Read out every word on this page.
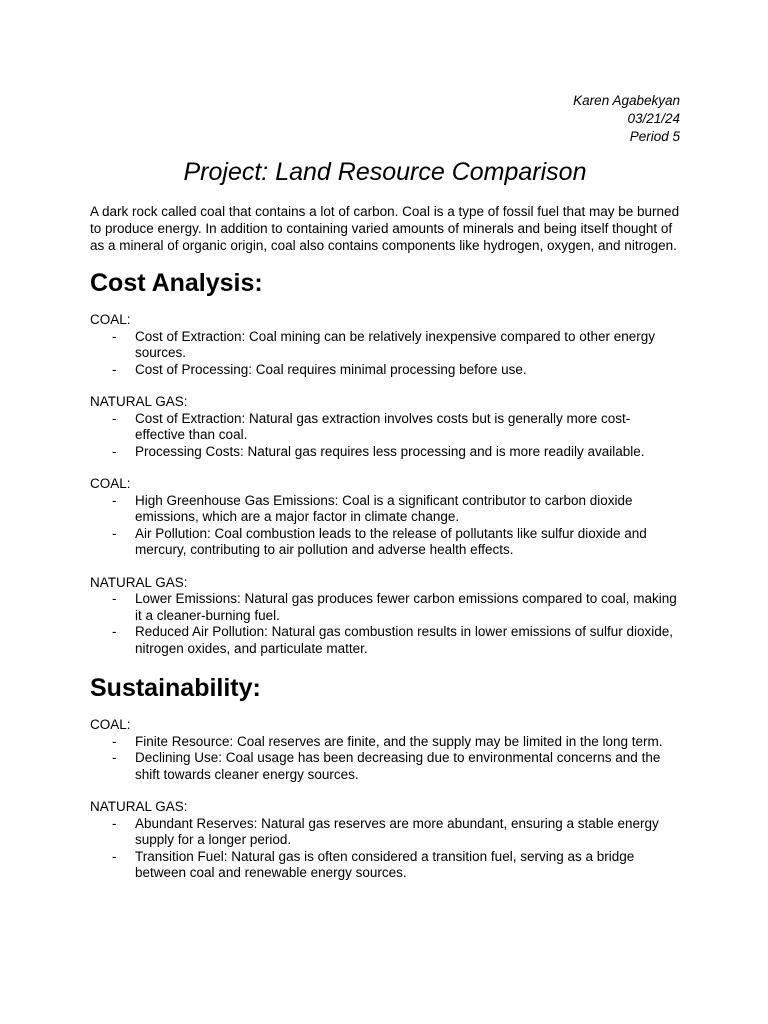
Karen Agabekyan
03/21/24
Period 5
Project: Land Resource Comparison

A dark rock called coal that contains a lot of carbon. Coal is a type of fossil fuel that may be burned to produce energy. In addition to containing varied amounts of minerals and being itself thought of as a mineral of organic origin, coal also contains components like hydrogen, oxygen, and nitrogen.

Cost Analysis:

COAL:

-	Cost of Extraction: Coal mining can be relatively inexpensive compared to other energy sources.
-	Cost of Processing: Coal requires minimal processing before use.

NATURAL GAS:

-	Cost of Extraction: Natural gas extraction involves costs but is generally more cost-effective than coal.
-	Processing Costs: Natural gas requires less processing and is more readily available.

COAL:

-	High Greenhouse Gas Emissions: Coal is a significant contributor to carbon dioxide emissions, which are a major factor in climate change.
-	Air Pollution: Coal combustion leads to the release of pollutants like sulfur dioxide and mercury, contributing to air pollution and adverse health effects.

NATURAL GAS:

-	Lower Emissions: Natural gas produces fewer carbon emissions compared to coal, making it a cleaner-burning fuel.
-	Reduced Air Pollution: Natural gas combustion results in lower emissions of sulfur dioxide, nitrogen oxides, and particulate matter.
Sustainability:

COAL:

-	Finite Resource: Coal reserves are finite, and the supply may be limited in the long term.
-	Declining Use: Coal usage has been decreasing due to environmental concerns and the shift towards cleaner energy sources.

NATURAL GAS:

-	Abundant Reserves: Natural gas reserves are more abundant, ensuring a stable energy supply for a longer period.
-	Transition Fuel: Natural gas is often considered a transition fuel, serving as a bridge between coal and renewable energy sources.
